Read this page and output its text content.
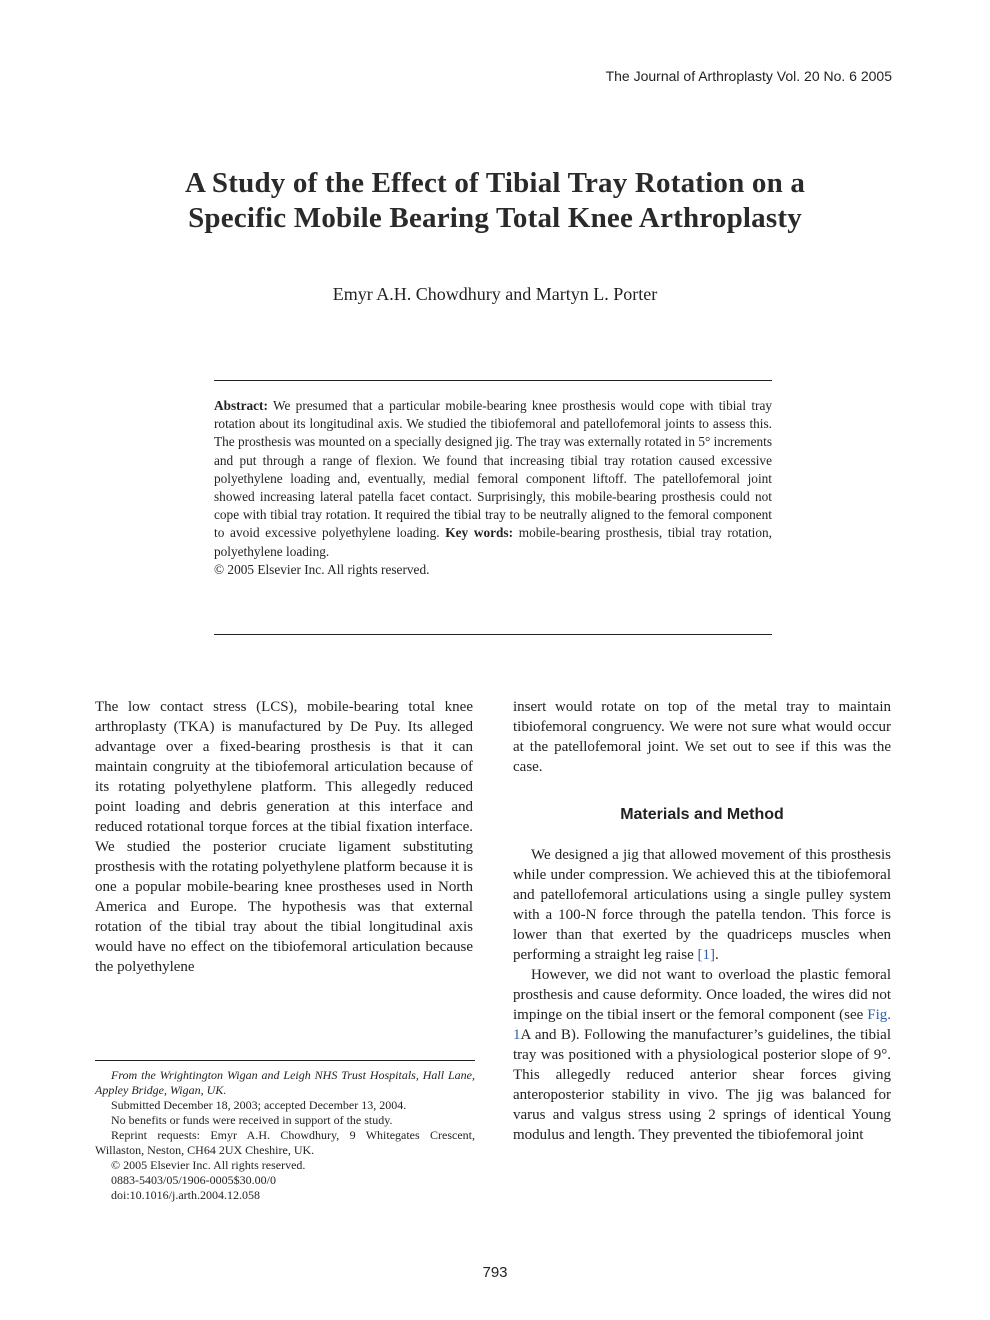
The Journal of Arthroplasty Vol. 20 No. 6 2005
A Study of the Effect of Tibial Tray Rotation on a
Specific Mobile Bearing Total Knee Arthroplasty
Emyr A.H. Chowdhury and Martyn L. Porter
Abstract: We presumed that a particular mobile-bearing knee prosthesis would cope with tibial tray rotation about its longitudinal axis. We studied the tibiofemoral and patellofemoral joints to assess this. The prosthesis was mounted on a specially designed jig. The tray was externally rotated in 5° increments and put through a range of flexion. We found that increasing tibial tray rotation caused excessive polyethylene loading and, eventually, medial femoral component liftoff. The patellofemoral joint showed increasing lateral patella facet contact. Surprisingly, this mobile-bearing prosthesis could not cope with tibial tray rotation. It required the tibial tray to be neutrally aligned to the femoral component to avoid excessive polyethylene loading. Key words: mobile-bearing prosthesis, tibial tray rotation, polyethylene loading.
© 2005 Elsevier Inc. All rights reserved.

The low contact stress (LCS), mobile-bearing total knee arthroplasty (TKA) is manufactured by De Puy. Its alleged advantage over a fixed-bearing prosthesis is that it can maintain congruity at the tibiofemoral articulation because of its rotating polyethylene platform. This allegedly reduced point loading and debris generation at this interface and reduced rotational torque forces at the tibial fixation interface. We studied the posterior cruciate ligament substituting prosthesis with the rotating polyethylene platform because it is one a popular mobile-bearing knee prostheses used in North America and Europe. The hypothesis was that external rotation of the tibial tray about the tibial longitudinal axis would have no effect on the tibiofemoral articulation because the polyethylene

From the Wrightington Wigan and Leigh NHS Trust Hospitals, Hall Lane, Appley Bridge, Wigan, UK.

Submitted December 18, 2003; accepted December 13, 2004.

No benefits or funds were received in support of the study.

Reprint requests: Emyr A.H. Chowdhury, 9 Whitegates Crescent, Willaston, Neston, CH64 2UX Cheshire, UK.

© 2005 Elsevier Inc. All rights reserved.

0883-5403/05/1906-0005$30.00/0

doi:10.1016/j.arth.2004.12.058

insert would rotate on top of the metal tray to maintain tibiofemoral congruency. We were not sure what would occur at the patellofemoral joint. We set out to see if this was the case.

Materials and Method

We designed a jig that allowed movement of this prosthesis while under compression. We achieved this at the tibiofemoral and patellofemoral articulations using a single pulley system with a 100-N force through the patella tendon. This force is lower than that exerted by the quadriceps muscles when performing a straight leg raise [1].

However, we did not want to overload the plastic femoral prosthesis and cause deformity. Once loaded, the wires did not impinge on the tibial insert or the femoral component (see Fig. 1A and B). Following the manufacturer’s guidelines, the tibial tray was positioned with a physiological posterior slope of 9°. This allegedly reduced anterior shear forces giving anteroposterior stability in vivo. The jig was balanced for varus and valgus stress using 2 springs of identical Young modulus and length. They prevented the tibiofemoral joint

793
